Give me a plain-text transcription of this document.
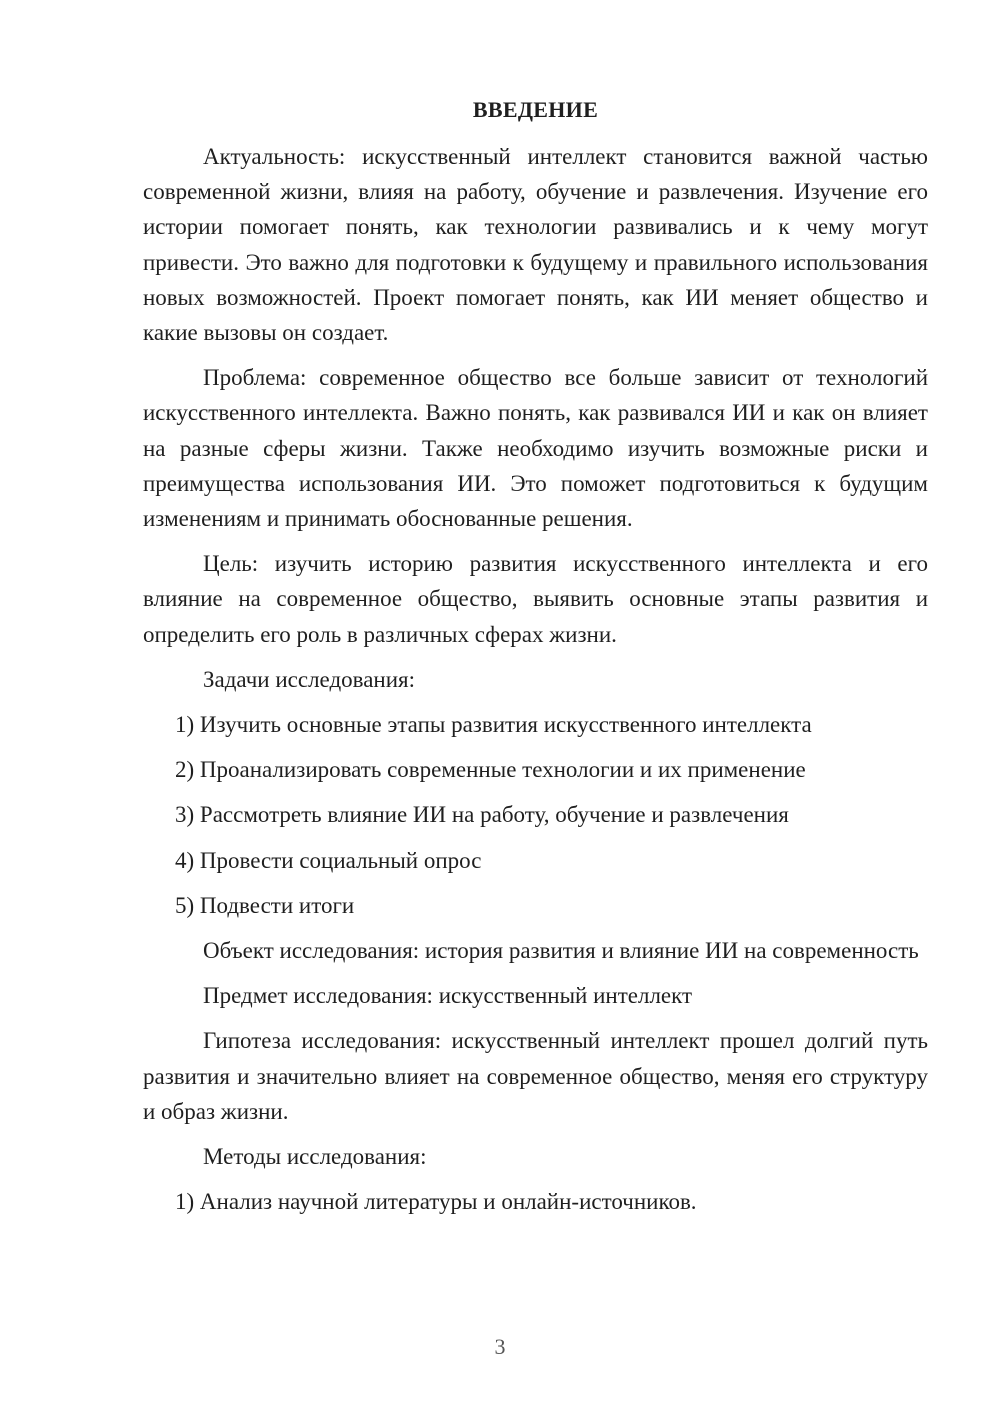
ВВЕДЕНИЕ

Актуальность: искусственный интеллект становится важной частью современной жизни, влияя на работу, обучение и развлечения. Изучение его истории помогает понять, как технологии развивались и к чему могут привести. Это важно для подготовки к будущему и правильного использования новых возможностей. Проект помогает понять, как ИИ меняет общество и какие вызовы он создает.

Проблема: современное общество все больше зависит от технологий искусственного интеллекта. Важно понять, как развивался ИИ и как он влияет на разные сферы жизни. Также необходимо изучить возможные риски и преимущества использования ИИ. Это поможет подготовиться к будущим изменениям и принимать обоснованные решения.

Цель: изучить историю развития искусственного интеллекта и его влияние на современное общество, выявить основные этапы развития и определить его роль в различных сферах жизни.

Задачи исследования:

1) Изучить основные этапы развития искусственного интеллекта

2) Проанализировать современные технологии и их применение

3) Рассмотреть влияние ИИ на работу, обучение и развлечения

4) Провести социальный опрос

5) Подвести итоги

Объект исследования: история развития и влияние ИИ на современность

Предмет исследования: искусственный интеллект

Гипотеза исследования: искусственный интеллект прошел долгий путь развития и значительно влияет на современное общество, меняя его структуру и образ жизни.

Методы исследования:

1) Анализ научной литературы и онлайн-источников.

3
